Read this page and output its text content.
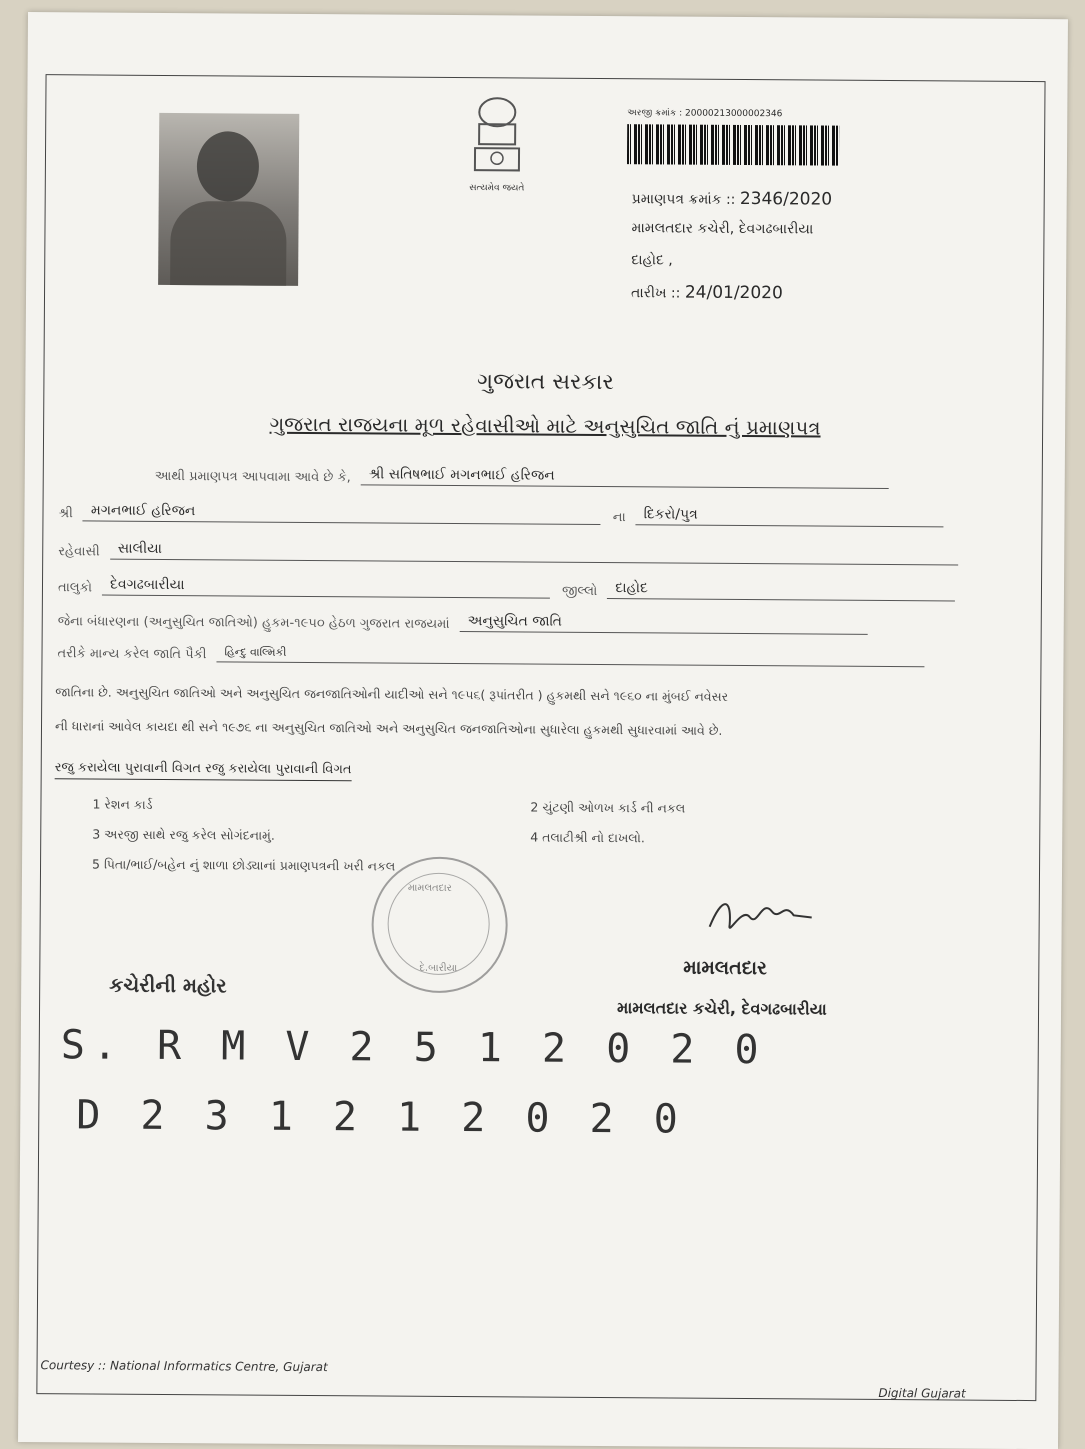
સત્યમેવ જયતે
અરજી ક્રમાંક : 20000213000002346
પ્રમાણપત્ર ક્રમાંક :: 2346/2020
મામલતદાર કચેરી, દેવગઢબારીયા
દાહોદ ,
તારીખ :: 24/01/2020
ગુજરાત સરકાર
ગુજરાત રાજયના મૂળ રહેવાસીઓ માટે અનુસુચિત જાતિ નું પ્રમાણપત્ર
આથી પ્રમાણપત્ર આપવામા આવે છે કે,	શ્રી સતિષભાઈ મગનભાઈ હરિજન
શ્રી	મગનભાઈ હરિજન	ના	દિકરો/પુત્ર
રહેવાસી	સાલીયા
તાલુકો	દેવગઢબારીયા	જીલ્લો	દાહોદ
જેના બંધારણના (અનુસુચિત જાતિઓ) હુકમ-૧૯૫૦ હેઠળ ગુજરાત રાજયમાં	અનુસુચિત જાતિ
તરીકે માન્ય કરેલ જાતિ પૈકી	હિન્દુ વાલ્મિકી
જાતિના છે. અનુસુચિત જાતિઓ અને અનુસુચિત જનજાતિઓની યાદીઓ સને ૧૯૫૬( રૂપાંતરીત ) હુકમથી સને ૧૯૬૦ ના મુંબઈ નવેસર
ની ધારાનાં આવેલ કાયદા થી સને ૧૯૭૬ ના અનુસુચિત જાતિઓ અને અનુસુચિત જનજાતિઓના સુધારેલા હુકમથી સુધારવામાં આવે છે.
રજુ કરાયેલા પુરાવાની વિગત રજુ કરાયેલા પુરાવાની વિગત
1 રેશન કાર્ડ	2 ચુંટણી ઓળખ કાર્ડ ની નકલ
3 અરજી સાથે રજુ કરેલ સોગંદનામું.	4 તલાટીશ્રી નો દાખલો.
5 પિતા/ભાઈ/બહેન નું શાળા છોડ્યાનાં પ્રમાણપત્રની ખરી નકલ
મામલતદાર
દે.બારીયા
કચેરીની મહોર
મામલતદાર
મામલતદાર કચેરી, દેવગઢબારીયા
S. R M V 2 5 1 2 0 2 0
D 2 3 1 2 1 2 0 2 0
Courtesy :: National Informatics Centre, Gujarat
Digital Gujarat
